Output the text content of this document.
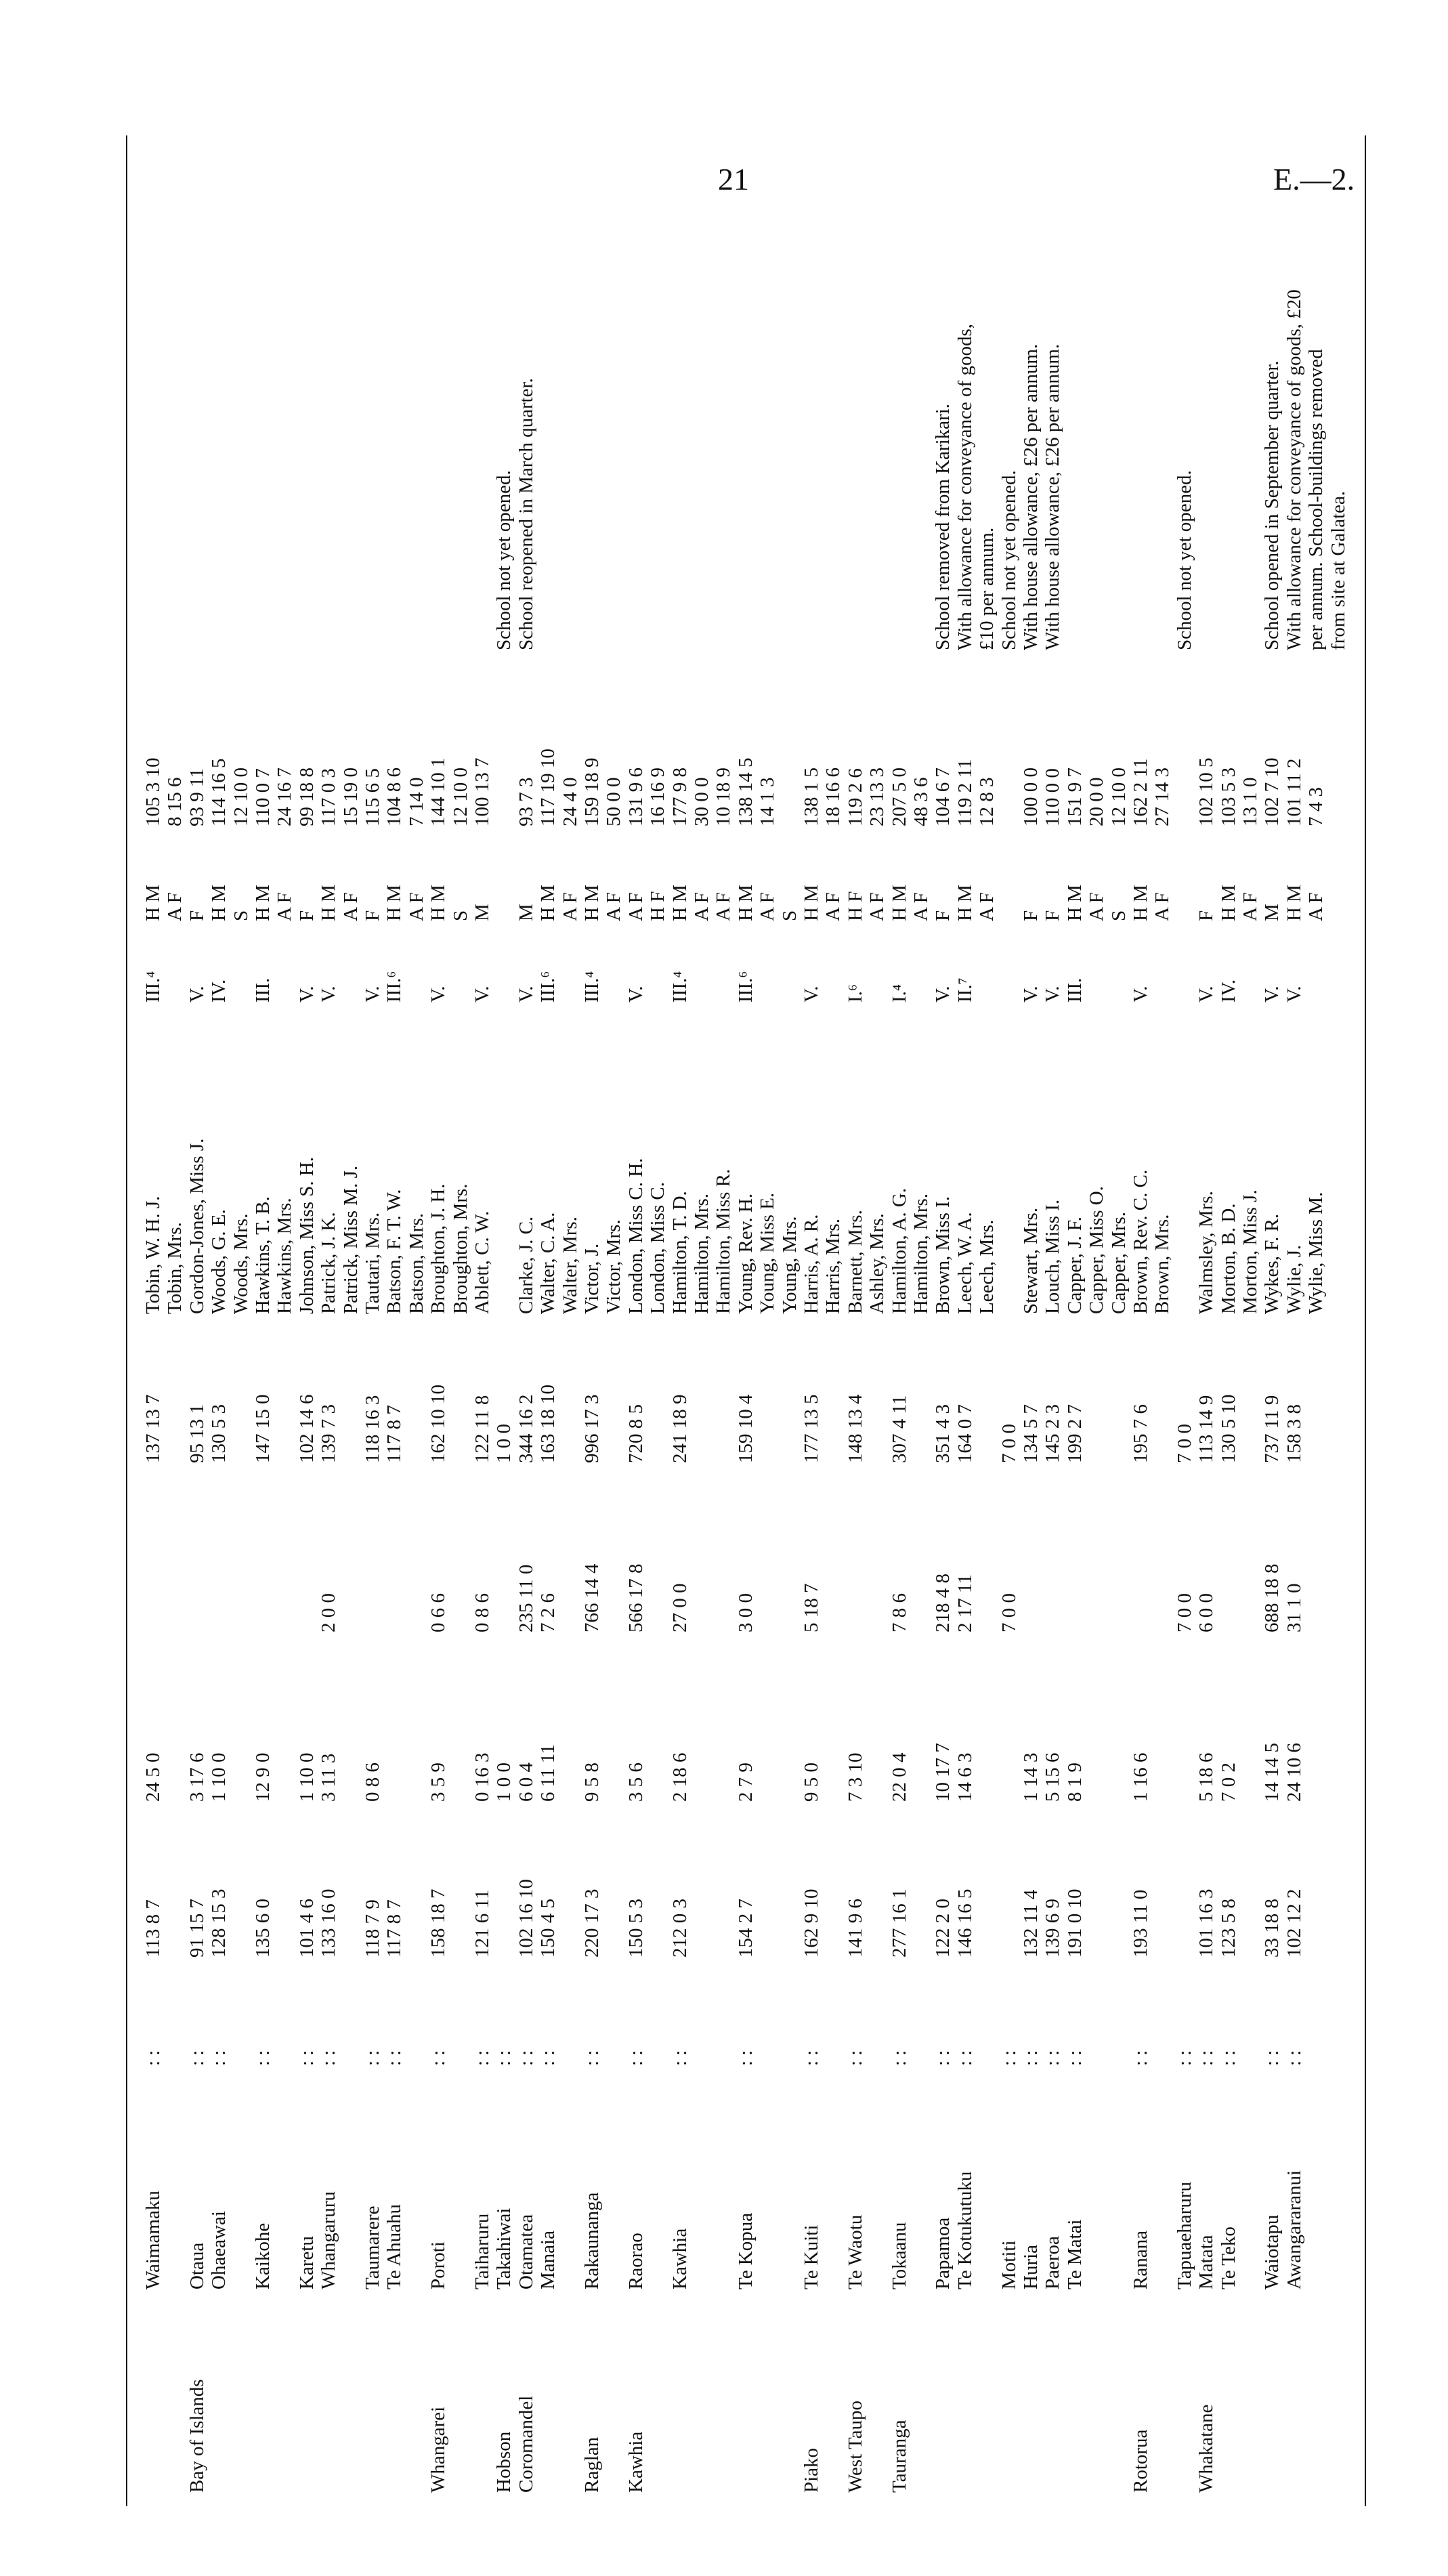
21	E.—2.
Waimamaku
: :
113 8 7
24 5 0
137 13 7
Tobin, W. H. J.
III.⁴
H M
105 3 10
Tobin, Mrs.
A F
8 15 6
Bay of Islands
Otaua
: :
91 15 7
3 17 6
95 13 1
Gordon-Jones, Miss J.
V.
F
93 9 11
Ohaeawai
: :
128 15 3
1 10 0
130 5 3
Woods, G. E.
IV.
H M
114 16 5
Woods, Mrs.
S
12 10 0
Kaikohe
: :
135 6 0
12 9 0
147 15 0
Hawkins, T. B.
III.
H M
110 0 7
Hawkins, Mrs.
A F
24 16 7
Karetu
: :
101 4 6
1 10 0
102 14 6
Johnson, Miss S. H.
V.
F
99 18 8
Whangaruru
: :
133 16 0
3 11 3
2 0 0
139 7 3
Patrick, J. K.
V.
H M
117 0 3
Patrick, Miss M. J.
A F
15 19 0
Taumarere
: :
118 7 9
0 8 6
118 16 3
Tautari, Mrs.
V.
F
115 6 5
Te Ahuahu
: :
117 8 7
117 8 7
Batson, F. T. W.
III.⁶
H M
104 8 6
Batson, Mrs.
A F
7 14 0
Whangarei
Poroti
: :
158 18 7
3 5 9
0 6 6
162 10 10
Broughton, J. H.
V.
H M
144 10 1
Broughton, Mrs.
S
12 10 0
Taiharuru
: :
121 6 11
0 16 3
0 8 6
122 11 8
Ablett, C. W.
V.
M
100 13 7
Hobson
Takahiwai
: :
1 0 0
1 0 0
School not yet opened.
Coromandel
Otamatea
: :
102 16 10
6 0 4
235 11 0
344 16 2
Clarke, J. C.
V.
M
93 7 3
School reopened in March quarter.
Manaia
: :
150 4 5
6 11 11
7 2 6
163 18 10
Walter, C. A.
III.⁶
H M
117 19 10
Walter, Mrs.
A F
24 4 0
Raglan
Rakaunanga
: :
220 17 3
9 5 8
766 14 4
996 17 3
Victor, J.
III.⁴
H M
159 18 9
Victor, Mrs.
A F
50 0 0
Kawhia
Raorao
: :
150 5 3
3 5 6
566 17 8
720 8 5
London, Miss C. H.
V.
A F
131 9 6
London, Miss C.
H F
16 16 9
Kawhia
: :
212 0 3
2 18 6
27 0 0
241 18 9
Hamilton, T. D.
III.⁴
H M
177 9 8
Hamilton, Mrs.
A F
30 0 0
Hamilton, Miss R.
A F
10 18 9
Te Kopua
: :
154 2 7
2 7 9
3 0 0
159 10 4
Young, Rev. H.
III.⁶
H M
138 14 5
Young, Miss E.
A F
14 1 3
Young, Mrs.
S
Piako
Te Kuiti
: :
162 9 10
9 5 0
5 18 7
177 13 5
Harris, A. R.
V.
H M
138 1 5
Harris, Mrs.
A F
18 16 6
West Taupo
Te Waotu
: :
141 9 6
7 3 10
148 13 4
Barnett, Mrs.
I.⁶
H F
119 2 6
Ashley, Mrs.
A F
23 13 3
Tauranga
Tokaanu
: :
277 16 1
22 0 4
7 8 6
307 4 11
Hamilton, A. G.
I.⁴
H M
207 5 0
Hamilton, Mrs.
A F
48 3 6
Papamoa
: :
122 2 0
10 17 7
218 4 8
351 4 3
Brown, Miss I.
V.
F
104 6 7
School removed from Karikari.
Te Kotukutuku
: :
146 16 5
14 6 3
2 17 11
164 0 7
Leech, W. A.
II.⁷
H M
119 2 11
With allowance for conveyance of goods,
Leech, Mrs.
A F
12 8 3
£10 per annum.
Motiti
: :
7 0 0
7 0 0
School not yet opened.
Huria
: :
132 11 4
1 14 3
134 5 7
Stewart, Mrs.
V.
F
100 0 0
With house allowance, £26 per annum.
Paeroa
: :
139 6 9
5 15 6
145 2 3
Louch, Miss I.
V.
F
110 0 0
With house allowance, £26 per annum.
Te Matai
: :
191 0 10
8 1 9
199 2 7
Capper, J. F.
III.
H M
151 9 7
Capper, Miss O.
A F
20 0 0
Capper, Mrs.
S
12 10 0
Rotorua
Ranana
: :
193 11 0
1 16 6
195 7 6
Brown, Rev. C. C.
V.
H M
162 2 11
Brown, Mrs.
A F
27 14 3
Tapuaeharuru
: :
7 0 0
7 0 0
School not yet opened.
Whakatane
Matata
: :
101 16 3
5 18 6
6 0 0
113 14 9
Walmsley, Mrs.
V.
F
102 10 5
Te Teko
: :
123 5 8
7 0 2
130 5 10
Morton, B. D.
IV.
H M
103 5 3
Morton, Miss J.
A F
13 1 0
Waiotapu
: :
33 18 8
14 14 5
688 18 8
737 11 9
Wykes, F. R.
V.
M
102 7 10
School opened in September quarter.
Awangararanui
: :
102 12 2
24 10 6
31 1 0
158 3 8
Wylie, J.
V.
H M
101 11 2
With allowance for conveyance of goods, £20
Wylie, Miss M.
A F
7 4 3
per annum. School-buildings removed from site at Galatea.
